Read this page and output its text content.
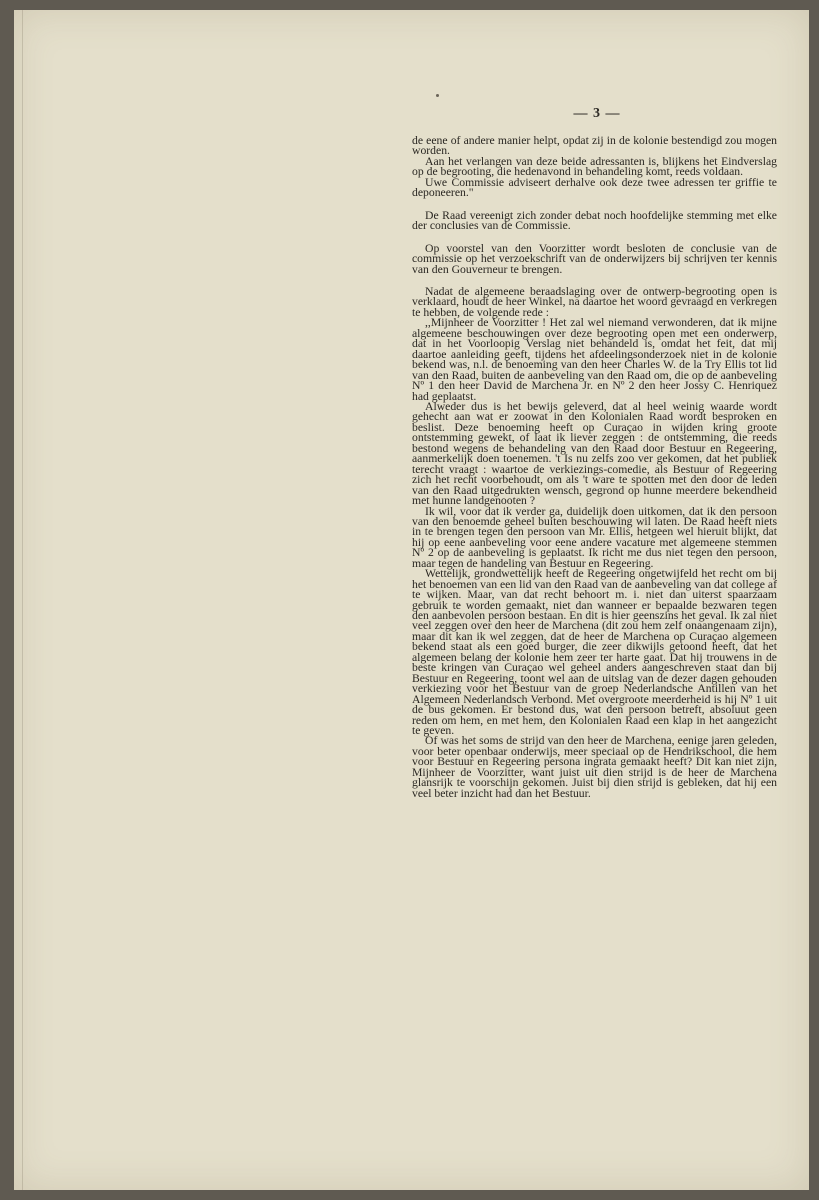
— 3 —

de eene of andere manier helpt, opdat zij in de kolonie bestendigd zou mogen worden.

Aan het verlangen van deze beide adressanten is, blijkens het Eindverslag op de begrooting, die hedenavond in behandeling komt, reeds voldaan.

Uwe Commissie adviseert derhalve ook deze twee adressen ter griffie te deponeeren."

De Raad vereenigt zich zonder debat noch hoofdelijke stemming met elke der conclusies van de Commissie.

Op voorstel van den Voorzitter wordt besloten de conclusie van de commissie op het verzoekschrift van de onderwijzers bij schrijven ter kennis van den Gouverneur te brengen.

Nadat de algemeene beraadslaging over de ontwerp-begrooting open is verklaard, houdt de heer Winkel, na daartoe het woord gevraagd en verkregen te hebben, de volgende rede :

,,Mijnheer de Voorzitter ! Het zal wel niemand verwonderen, dat ik mijne algemeene beschouwingen over deze begrooting open met een onderwerp, dat in het Voorloopig Verslag niet behandeld is, omdat het feit, dat mij daartoe aanleiding geeft, tijdens het afdeelingsonderzoek niet in de kolonie bekend was, n.l. de benoeming van den heer Charles W. de la Try Ellis tot lid van den Raad, buiten de aanbeveling van den Raad om, die op de aanbeveling Nº 1 den heer David de Marchena Jr. en Nº 2 den heer Jossy C. Henriquez had geplaatst.

Alweder dus is het bewijs geleverd, dat al heel weinig waarde wordt gehecht aan wat er zoowat in den Kolonialen Raad wordt besproken en beslist. Deze benoeming heeft op Curaçao in wijden kring groote ontstemming gewekt, of laat ik liever zeggen : de ontstemming, die reeds bestond wegens de behandeling van den Raad door Bestuur en Regeering, aanmerkelijk doen toenemen. 't Is nu zelfs zoo ver gekomen, dat het publiek terecht vraagt : waartoe de verkiezings-comedie, als Bestuur of Regeering zich het recht voorbehoudt, om als 't ware te spotten met den door de leden van den Raad uitgedrukten wensch, gegrond op hunne meerdere bekendheid met hunne landgenooten ?

Ik wil, voor dat ik verder ga, duidelijk doen uitkomen, dat ik den persoon van den benoemde geheel buiten beschouwing wil laten. De Raad heeft niets in te brengen tegen den persoon van Mr. Ellis, hetgeen wel hieruit blijkt, dat hij op eene aanbeveling voor eene andere vacature met algemeene stemmen Nº 2 op de aanbeveling is geplaatst. Ik richt me dus niet tegen den persoon, maar tegen de handeling van Bestuur en Regeering.

Wettelijk, grondwettelijk heeft de Regeering ongetwijfeld het recht om bij het benoemen van een lid van den Raad van de aanbeveling van dat college af te wijken. Maar, van dat recht behoort m. i. niet dan uiterst spaarzaam gebruik te worden gemaakt, niet dan wanneer er bepaalde bezwaren tegen den aanbevolen persoon bestaan. En dit is hier geenszins het geval. Ik zal niet veel zeggen over den heer de Marchena (dit zou hem zelf onaangenaam zijn), maar dit kan ik wel zeggen, dat de heer de Marchena op Curaçao algemeen bekend staat als een goed burger, die zeer dikwijls getoond heeft, dat het algemeen belang der kolonie hem zeer ter harte gaat. Dat hij trouwens in de beste kringen van Curaçao wel geheel anders aangeschreven staat dan bij Bestuur en Regeering, toont wel aan de uitslag van de dezer dagen gehouden verkiezing voor het Bestuur van de groep Nederlandsche Antillen van het Algemeen Nederlandsch Verbond. Met overgroote meerderheid is hij Nº 1 uit de bus gekomen. Er bestond dus, wat den persoon betreft, absoluut geen reden om hem, en met hem, den Kolonialen Raad een klap in het aangezicht te geven.

Of was het soms de strijd van den heer de Marchena, eenige jaren geleden, voor beter openbaar onderwijs, meer speciaal op de Hendrikschool, die hem voor Bestuur en Regeering persona ingrata gemaakt heeft? Dit kan niet zijn, Mijnheer de Voorzitter, want juist uit dien strijd is de heer de Marchena glansrijk te voorschijn gekomen. Juist bij dien strijd is gebleken, dat hij een veel beter inzicht had dan het Bestuur.
